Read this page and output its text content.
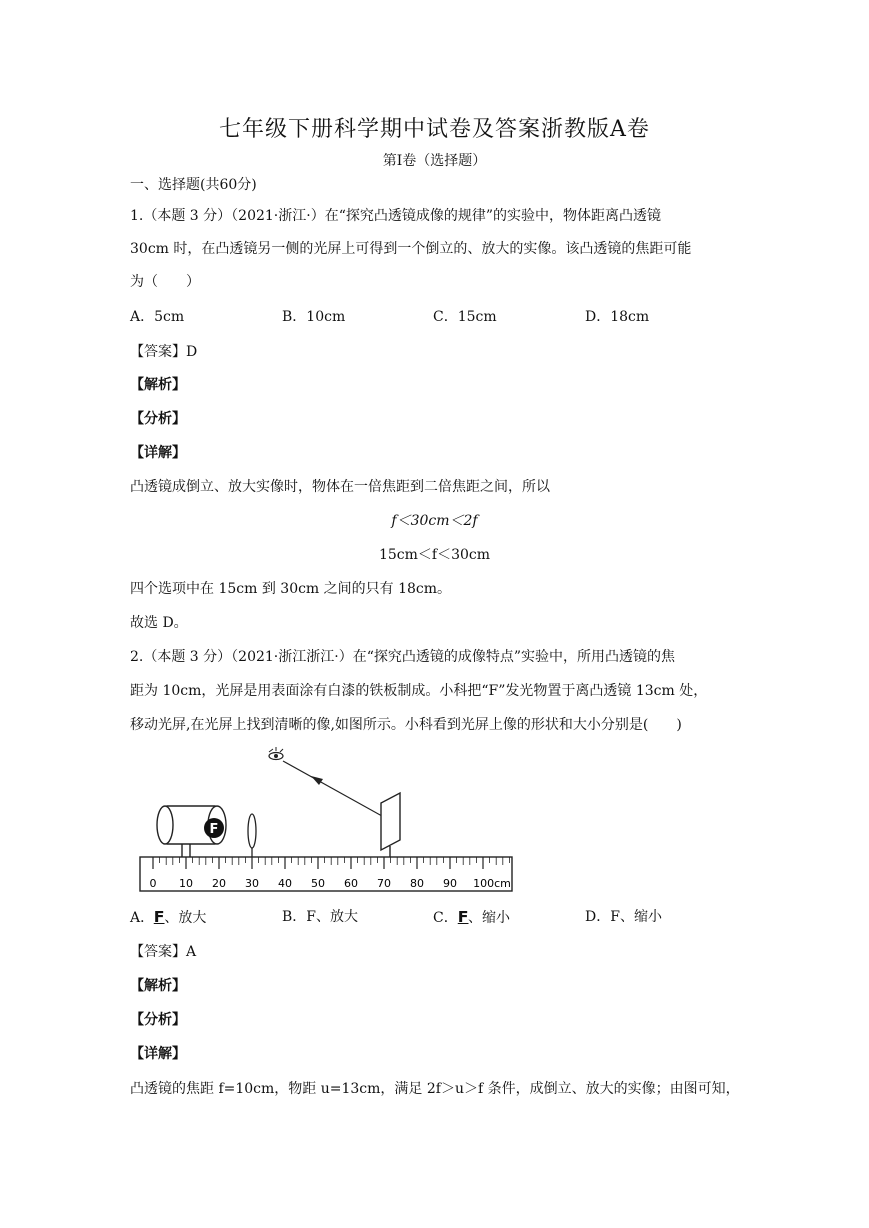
七年级下册科学期中试卷及答案浙教版A卷
第Ⅰ卷（选择题）
一、选择题(共60分)
1.（本题 3 分）（2021·浙江·）在“探究凸透镜成像的规律”的实验中，物体距离凸透镜
30cm 时，在凸透镜另一侧的光屏上可得到一个倒立的、放大的实像。该凸透镜的焦距可能
为（　　）
A．5cm	B．10cm	C．15cm	D．18cm
【答案】D
【解析】
【分析】
【详解】
凸透镜成倒立、放大实像时，物体在一倍焦距到二倍焦距之间，所以
f＜30cm＜2f
15cm＜f＜30cm
四个选项中在 15cm 到 30cm 之间的只有 18cm。
故选 D。
2.（本题 3 分）（2021·浙江浙江·）在“探究凸透镜的成像特点”实验中，所用凸透镜的焦
距为 10cm，光屏是用表面涂有白漆的铁板制成。小科把“F”发光物置于离凸透镜 13cm 处，
移动光屏,在光屏上找到清晰的像,如图所示。小科看到光屏上像的形状和大小分别是(　　)
F
0 10 20 30 40 50 60 70 80 90 100cm
A．F、放大	B．F、放大	C．F、缩小	D．F、缩小
【答案】A
【解析】
【分析】
【详解】
凸透镜的焦距 f=10cm，物距 u=13cm，满足 2f＞u＞f 条件，成倒立、放大的实像；由图可知，
